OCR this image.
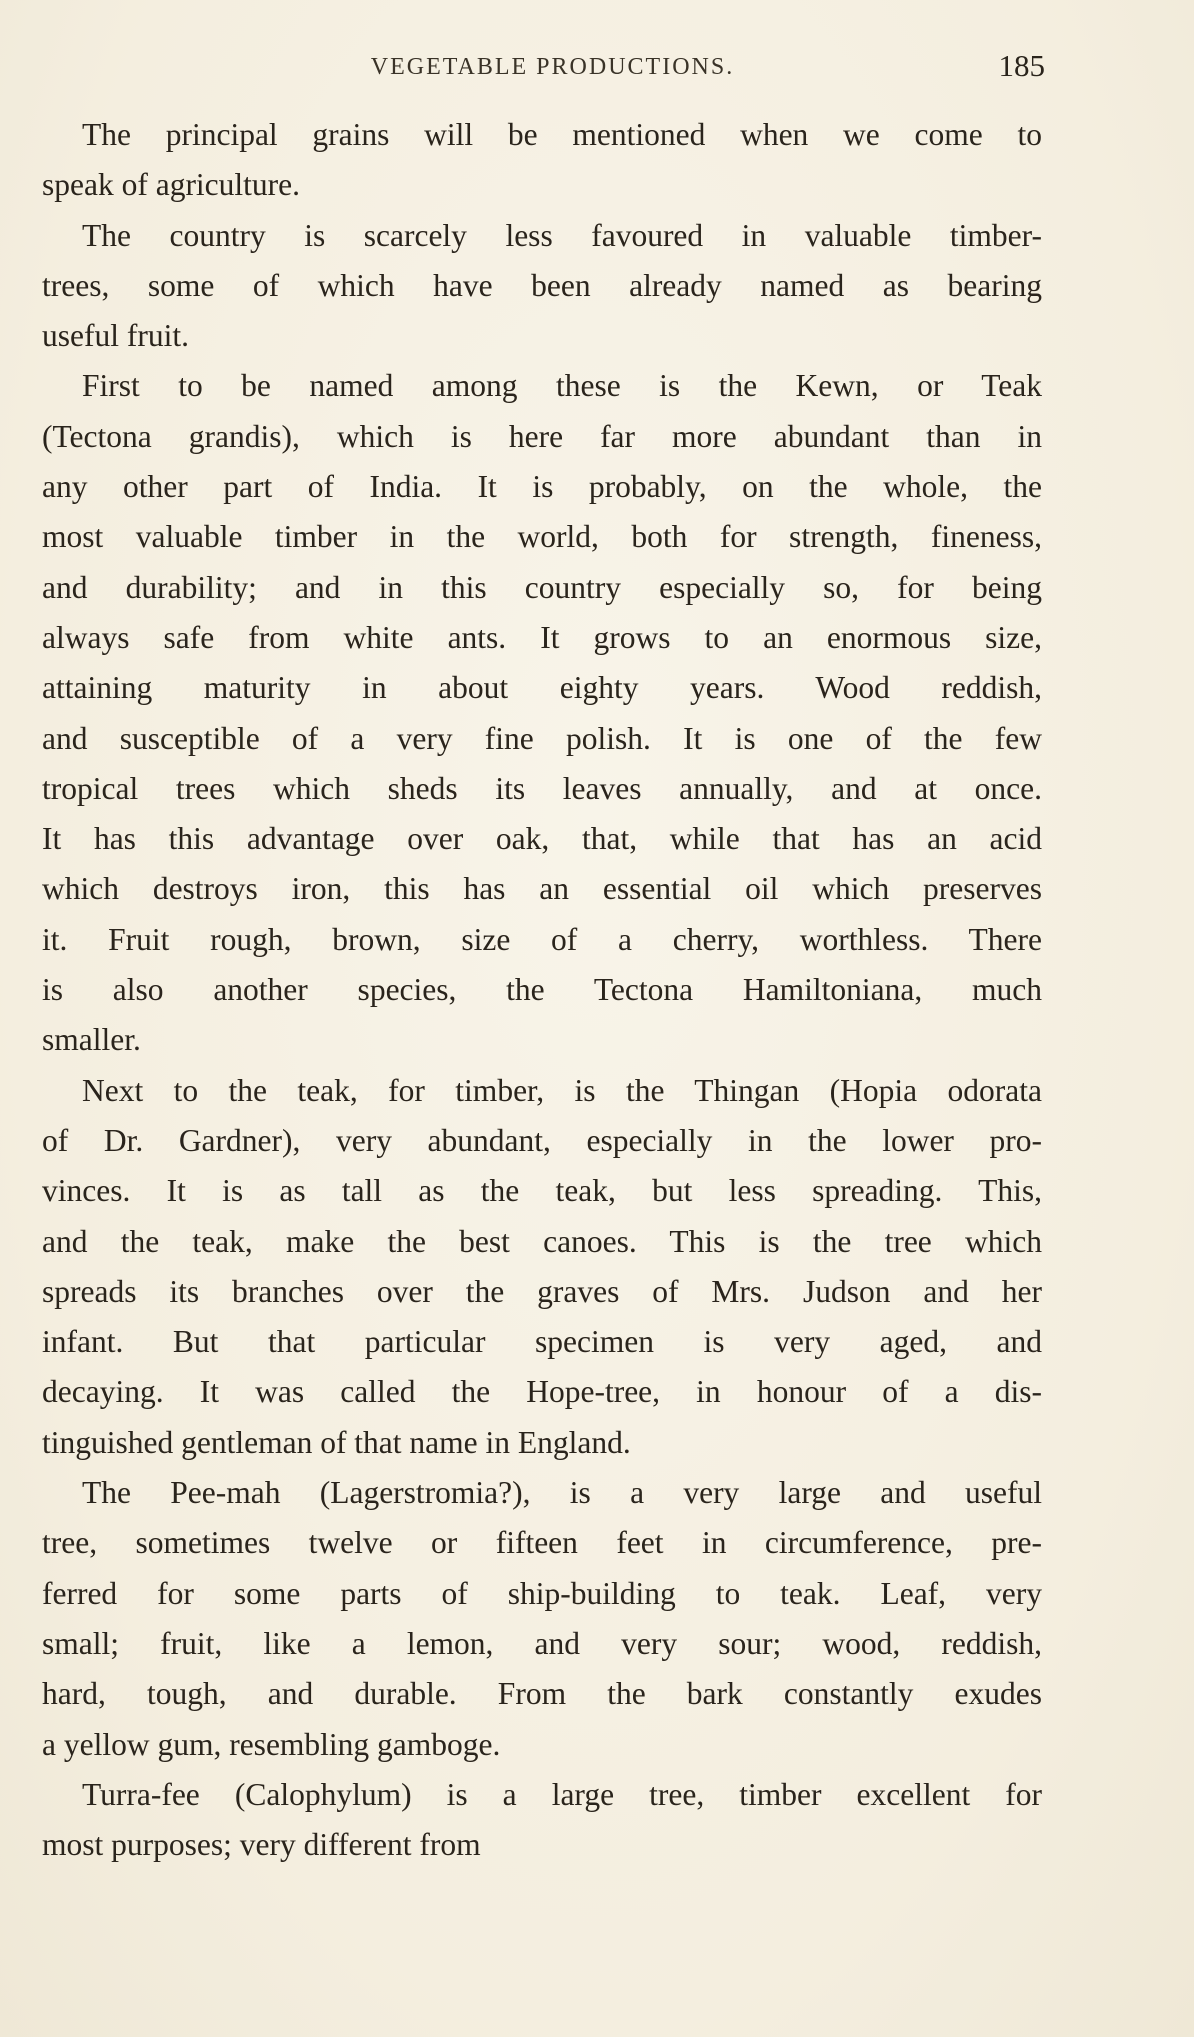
VEGETABLE PRODUCTIONS.	185
The principal grains will be mentioned when we come to
speak of agriculture.
The country is scarcely less favoured in valuable timber-
trees, some of which have been already named as bearing
useful fruit.
First to be named among these is the Kewn, or Teak
(Tectona grandis), which is here far more abundant than in
any other part of India. It is probably, on the whole, the
most valuable timber in the world, both for strength, fineness,
and durability; and in this country especially so, for being
always safe from white ants. It grows to an enormous size,
attaining maturity in about eighty years. Wood reddish,
and susceptible of a very fine polish. It is one of the few
tropical trees which sheds its leaves annually, and at once.
It has this advantage over oak, that, while that has an acid
which destroys iron, this has an essential oil which preserves
it. Fruit rough, brown, size of a cherry, worthless. There
is also another species, the Tectona Hamiltoniana, much
smaller.
Next to the teak, for timber, is the Thingan (Hopia odorata
of Dr. Gardner), very abundant, especially in the lower pro-
vinces. It is as tall as the teak, but less spreading. This,
and the teak, make the best canoes. This is the tree which
spreads its branches over the graves of Mrs. Judson and her
infant. But that particular specimen is very aged, and
decaying. It was called the Hope-tree, in honour of a dis-
tinguished gentleman of that name in England.
The Pee-mah (Lagerstromia?), is a very large and useful
tree, sometimes twelve or fifteen feet in circumference, pre-
ferred for some parts of ship-building to teak. Leaf, very
small; fruit, like a lemon, and very sour; wood, reddish,
hard, tough, and durable. From the bark constantly exudes
a yellow gum, resembling gamboge.
Turra-fee (Calophylum) is a large tree, timber excellent for
most purposes; very different from
